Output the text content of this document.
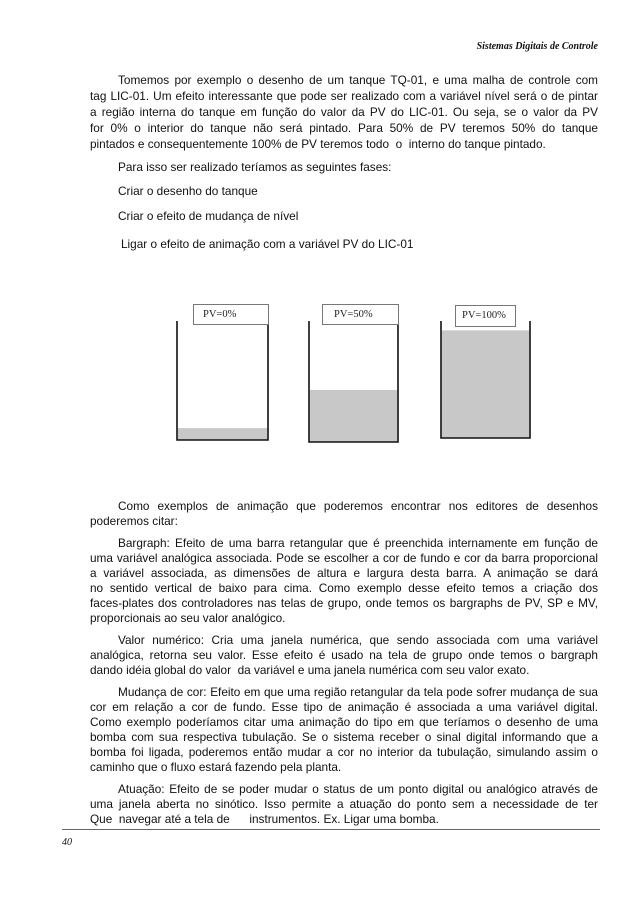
Sistemas Digitais de Controle
Tomemos por exemplo o desenho de um tanque TQ-01, e uma malha de controle com
tag LIC-01. Um efeito interessante que pode ser realizado com a variável nível será o de pintar
a região interna do tanque em função do valor da PV do LIC-01. Ou seja, se o valor da PV
for 0% o interior do tanque não será pintado. Para 50% de PV teremos 50% do tanque
pintados e consequentemente 100% de PV teremos todo  o  interno do tanque pintado.
Para isso ser realizado teríamos as seguintes fases:
Criar o desenho do tanque
Criar o efeito de mudança de nível
Ligar o efeito de animação com a variável PV do LIC-01
PV=0%	PV=50%	PV=100%
Como exemplos de animação que poderemos encontrar nos editores de desenhos
poderemos citar:
Bargraph: Efeito de uma barra retangular que é preenchida internamente em função de
uma variável analógica associada. Pode se escolher a cor de fundo e cor da barra proporcional
a variável associada, as dimensões de altura e largura desta barra. A animação se dará
no sentido vertical de baixo para cima. Como exemplo desse efeito temos a criação dos
faces-plates dos controladores nas telas de grupo, onde temos os bargraphs de PV, SP e MV,
proporcionais ao seu valor analógico.
Valor numérico: Cria uma janela numérica, que sendo associada com uma variável
analógica, retorna seu valor. Esse efeito é usado na tela de grupo onde temos o bargraph
dando idéia global do valor  da variável e uma janela numérica com seu valor exato.
Mudança de cor: Efeito em que uma região retangular da tela pode sofrer mudança de sua
cor em relação a cor de fundo. Esse tipo de animação é associada a uma variável digital.
Como exemplo poderíamos citar uma animação do tipo em que teríamos o desenho de uma
bomba com sua respectiva tubulação. Se o sistema receber o sinal digital informando que a
bomba foi ligada, poderemos então mudar a cor no interior da tubulação, simulando assim o
caminho que o fluxo estará fazendo pela planta.
Atuação: Efeito de se poder mudar o status de um ponto digital ou analógico através de
uma janela aberta no sinótico. Isso permite a atuação do ponto sem a necessidade de ter
Que  navegar até a tela de      instrumentos. Ex. Ligar uma bomba.
40
